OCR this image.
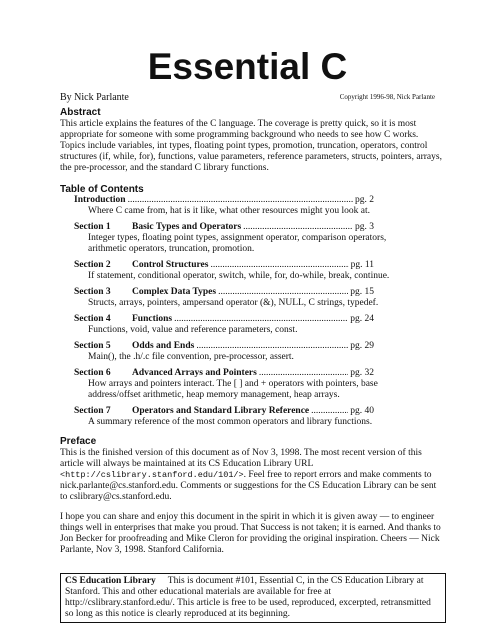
Essential C
By Nick Parlante	Copyright 1996-98, Nick Parlante
Abstract

This article explains the features of the C language. The coverage is pretty quick, so it is most appropriate for someone with some programming background who needs to see how C works. Topics include variables, int types, floating point types, promotion, truncation, operators, control structures (if, while, for), functions, value parameters, reference parameters, structs, pointers, arrays, the pre-processor, and the standard C library functions.

Table of Contents
Introduction .....	pg. 2
Where C came from, hat is it like, what other resources might you look at.
Section 1	Basic Types and Operators .....	pg. 3
Integer types, floating point types, assignment operator, comparison operators, arithmetic operators, truncation, promotion.
Section 2	Control Structures .....	pg. 11
If statement, conditional operator, switch, while, for, do-while, break, continue.
Section 3	Complex Data Types .....	pg. 15
Structs, arrays, pointers, ampersand operator (&), NULL, C strings, typedef.
Section 4	Functions .....	pg. 24
Functions, void, value and reference parameters, const.
Section 5	Odds and Ends .....	pg. 29
Main(), the .h/.c file convention, pre-processor, assert.
Section 6	Advanced Arrays and Pointers .....	pg. 32
How arrays and pointers interact. The [ ] and + operators with pointers, base address/offset arithmetic, heap memory management, heap arrays.
Section 7	Operators and Standard Library Reference .....	pg. 40
A summary reference of the most common operators and library functions.
Preface

This is the finished version of this document as of Nov 3, 1998. The most recent version of this article will always be maintained at its CS Education Library URL <http://cslibrary.stanford.edu/101/>. Feel free to report errors and make comments to nick.parlante@cs.stanford.edu. Comments or suggestions for the CS Education Library can be sent to cslibrary@cs.stanford.edu.

I hope you can share and enjoy this document in the spirit in which it is given away — to engineer things well in enterprises that make you proud. That Success is not taken; it is earned. And thanks to Jon Becker for proofreading and Mike Cleron for providing the original inspiration. Cheers — Nick Parlante, Nov 3, 1998. Stanford California.

CS Education Library This is document #101, Essential C, in the CS Education Library at Stanford. This and other educational materials are available for free at http://cslibrary.stanford.edu/. This article is free to be used, reproduced, excerpted, retransmitted so long as this notice is clearly reproduced at its beginning.
